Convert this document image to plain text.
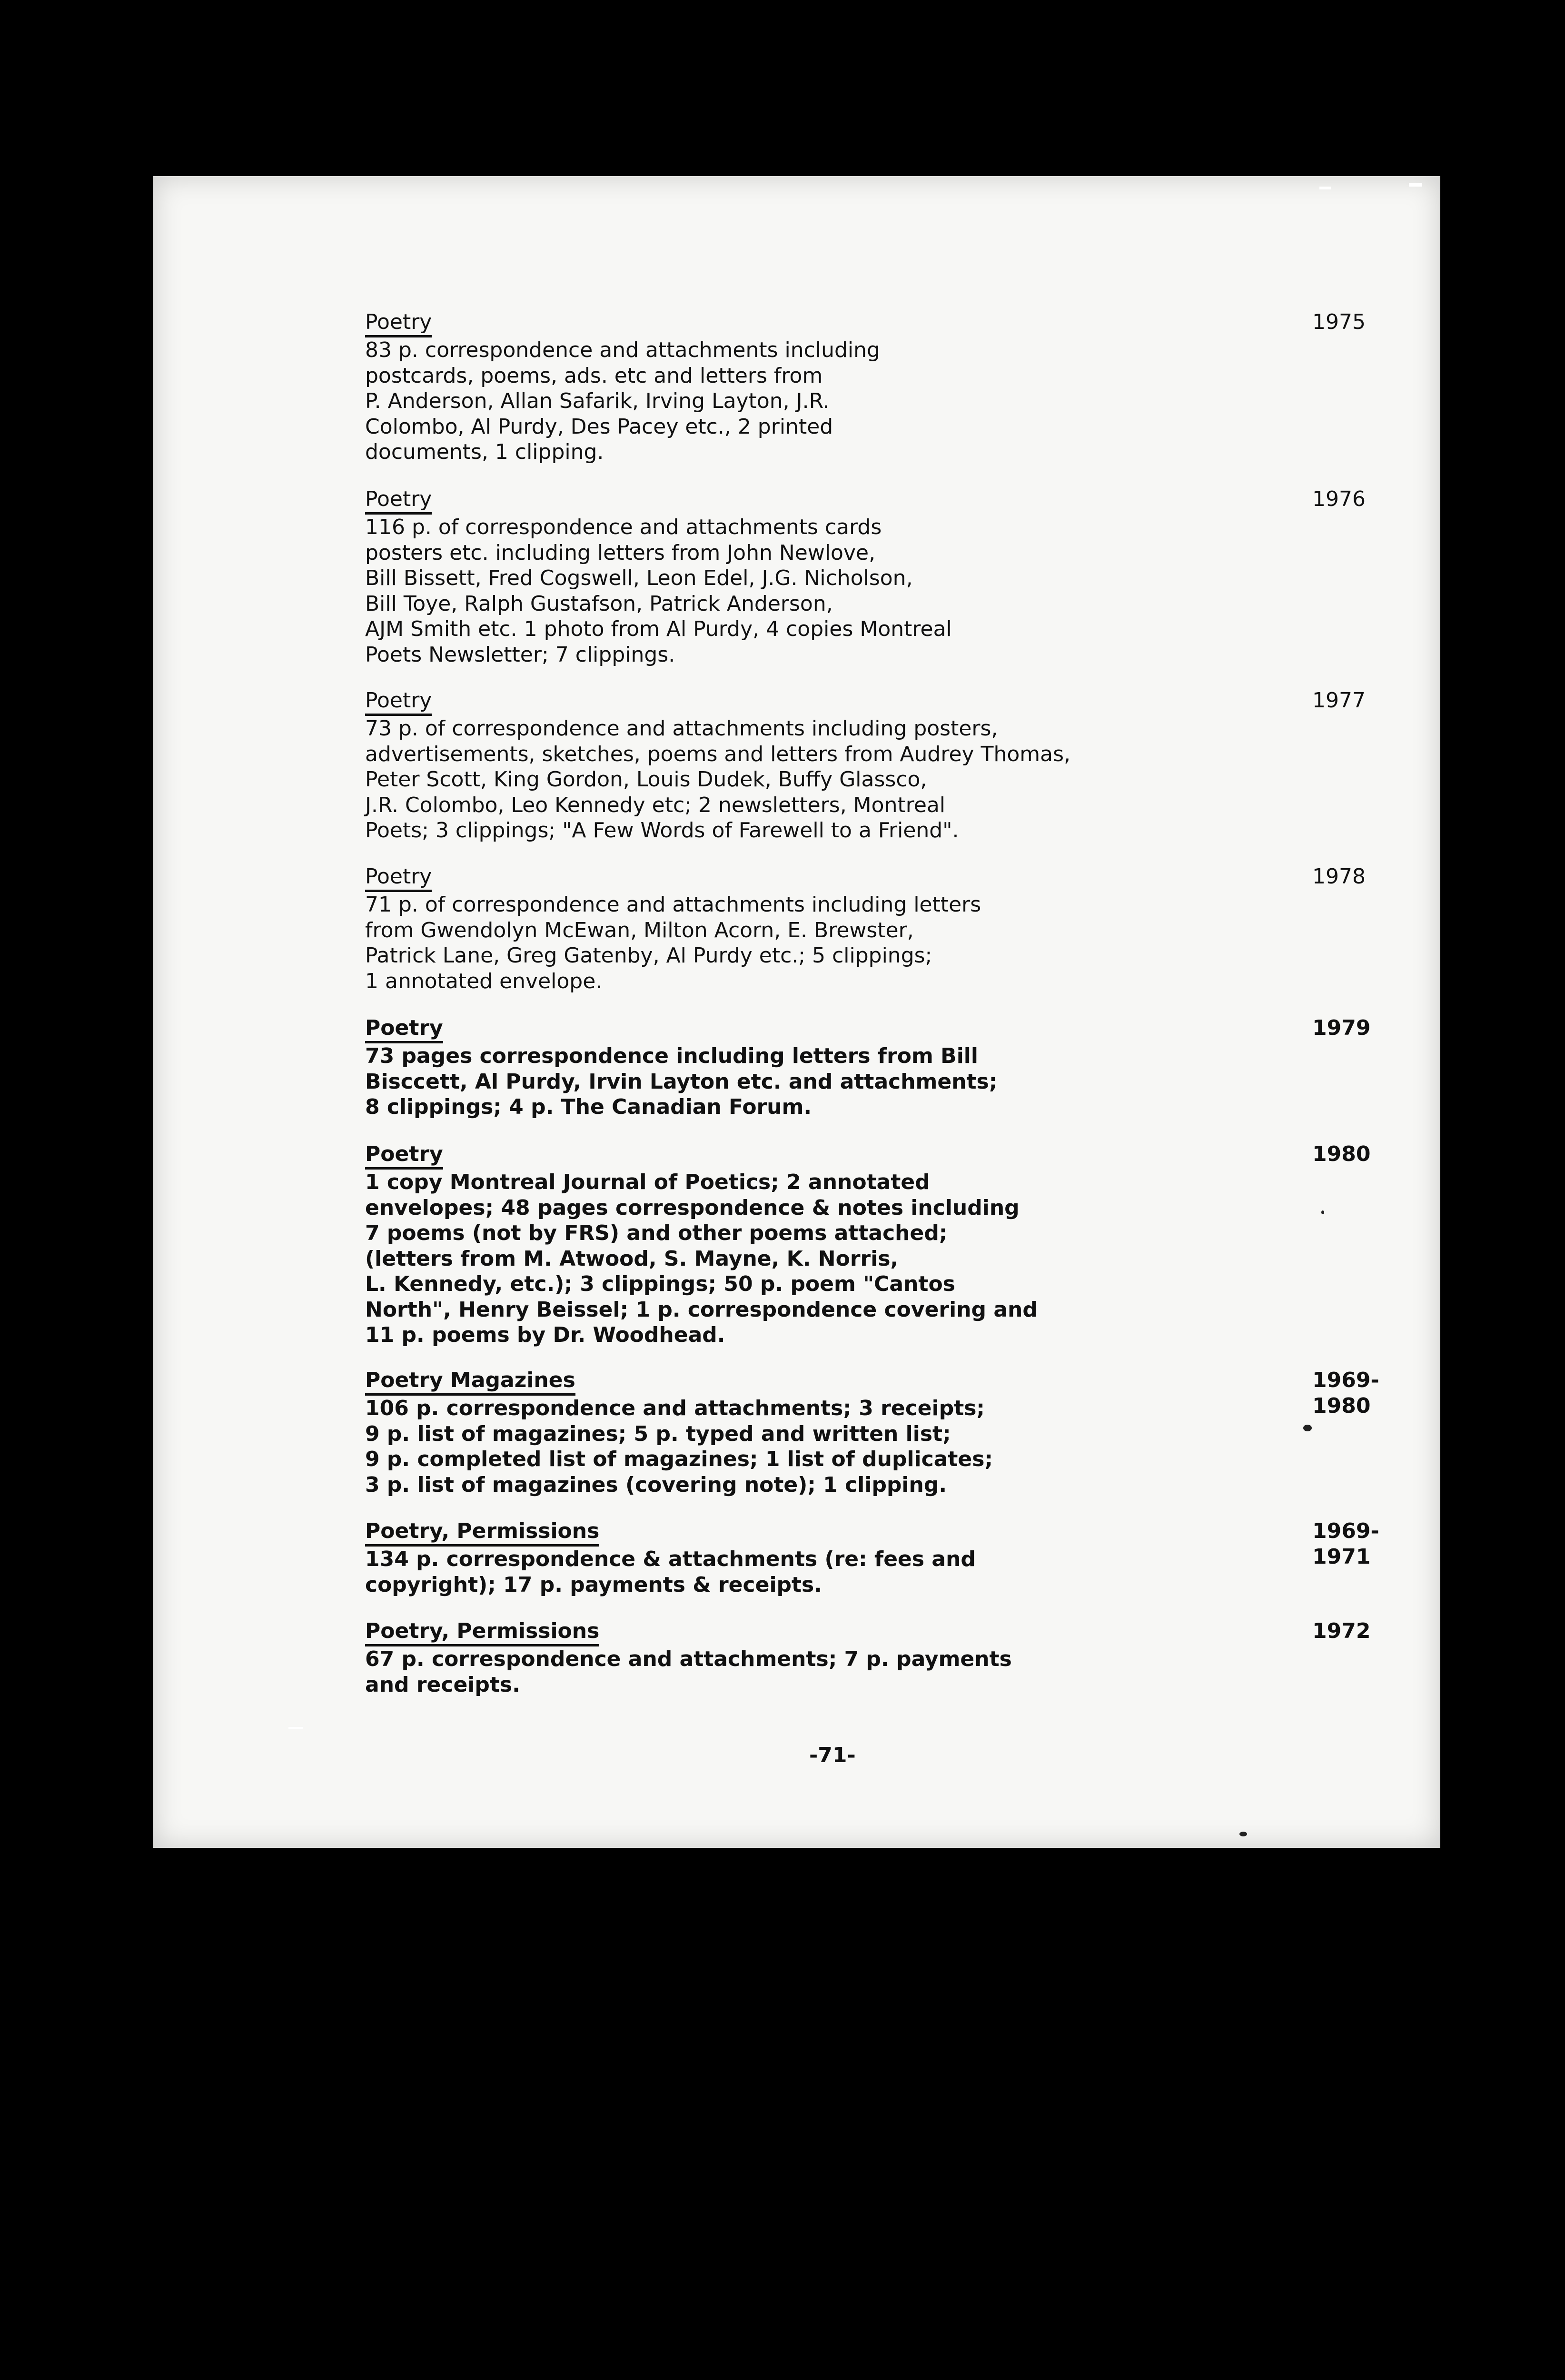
Poetry	1975
83 p. correspondence and attachments including
postcards, poems, ads. etc and letters from
P. Anderson, Allan Safarik, Irving Layton, J.R.
Colombo, Al Purdy, Des Pacey etc., 2 printed
documents, 1 clipping.
Poetry	1976
116 p. of correspondence and attachments cards
posters etc. including letters from John Newlove,
Bill Bissett, Fred Cogswell, Leon Edel, J.G. Nicholson,
Bill Toye, Ralph Gustafson, Patrick Anderson,
AJM Smith etc. 1 photo from Al Purdy, 4 copies Montreal
Poets Newsletter; 7 clippings.
Poetry	1977
73 p. of correspondence and attachments including posters,
advertisements, sketches, poems and letters from Audrey Thomas,
Peter Scott, King Gordon, Louis Dudek, Buffy Glassco,
J.R. Colombo, Leo Kennedy etc; 2 newsletters, Montreal
Poets; 3 clippings; "A Few Words of Farewell to a Friend".
Poetry	1978
71 p. of correspondence and attachments including letters
from Gwendolyn McEwan, Milton Acorn, E. Brewster,
Patrick Lane, Greg Gatenby, Al Purdy etc.; 5 clippings;
1 annotated envelope.
Poetry	1979
73 pages correspondence including letters from Bill
Bisccett, Al Purdy, Irvin Layton etc. and attachments;
8 clippings; 4 p. The Canadian Forum.
Poetry	1980
1 copy Montreal Journal of Poetics; 2 annotated
envelopes; 48 pages correspondence & notes including
7 poems (not by FRS) and other poems attached;
(letters from M. Atwood, S. Mayne, K. Norris,
L. Kennedy, etc.); 3 clippings; 50 p. poem "Cantos
North", Henry Beissel; 1 p. correspondence covering and
11 p. poems by Dr. Woodhead.
Poetry Magazines	1969-1980
106 p. correspondence and attachments; 3 receipts;
9 p. list of magazines; 5 p. typed and written list;
9 p. completed list of magazines; 1 list of duplicates;
3 p. list of magazines (covering note); 1 clipping.
Poetry, Permissions	1969-1971
134 p. correspondence & attachments (re: fees and
copyright); 17 p. payments & receipts.
Poetry, Permissions	1972
67 p. correspondence and attachments; 7 p. payments
and receipts.
-71-
